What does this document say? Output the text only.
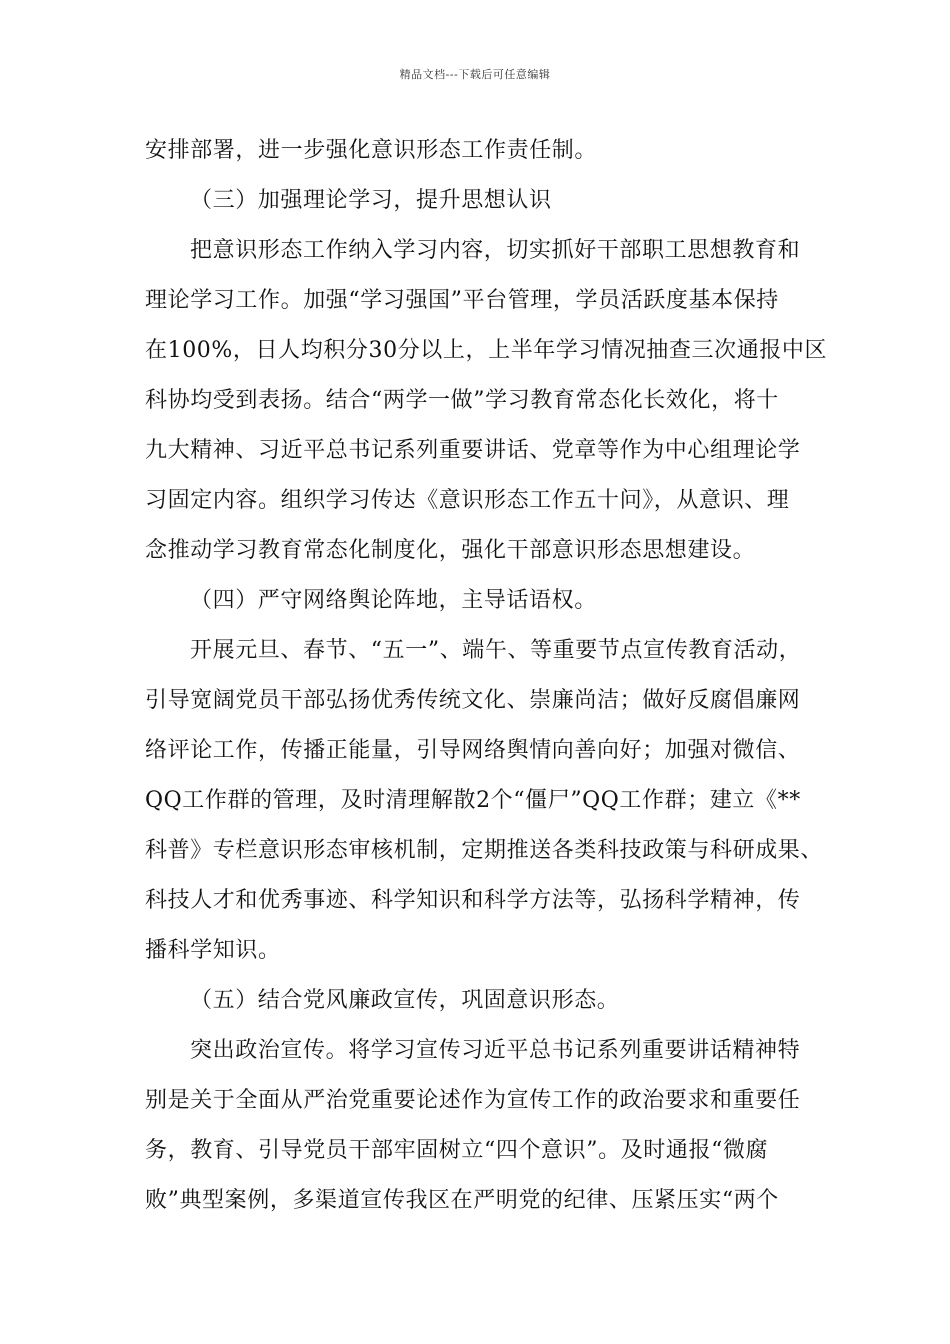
精品文档---下载后可任意编辑
安排部署，进一步强化意识形态工作责任制。
（三）加强理论学习，提升思想认识
把意识形态工作纳入学习内容，切实抓好干部职工思想教育和
理论学习工作。加强“学习强国”平台管理，学员活跃度基本保持
在100%，日人均积分30分以上，上半年学习情况抽查三次通报中区
科协均受到表扬。结合“两学一做”学习教育常态化长效化，将十
九大精神、习近平总书记系列重要讲话、党章等作为中心组理论学
习固定内容。组织学习传达《意识形态工作五十问》，从意识、理
念推动学习教育常态化制度化，强化干部意识形态思想建设。
（四）严守网络舆论阵地，主导话语权。
开展元旦、春节、“五一”、端午、等重要节点宣传教育活动，
引导宽阔党员干部弘扬优秀传统文化、崇廉尚洁；做好反腐倡廉网
络评论工作，传播正能量，引导网络舆情向善向好；加强对微信、
QQ工作群的管理，及时清理解散2个“僵尸”QQ工作群；建立《**
科普》专栏意识形态审核机制，定期推送各类科技政策与科研成果、
科技人才和优秀事迹、科学知识和科学方法等，弘扬科学精神，传
播科学知识。
（五）结合党风廉政宣传，巩固意识形态。
突出政治宣传。将学习宣传习近平总书记系列重要讲话精神特
别是关于全面从严治党重要论述作为宣传工作的政治要求和重要任
务，教育、引导党员干部牢固树立“四个意识”。及时通报“微腐
败”典型案例，多渠道宣传我区在严明党的纪律、压紧压实“两个
